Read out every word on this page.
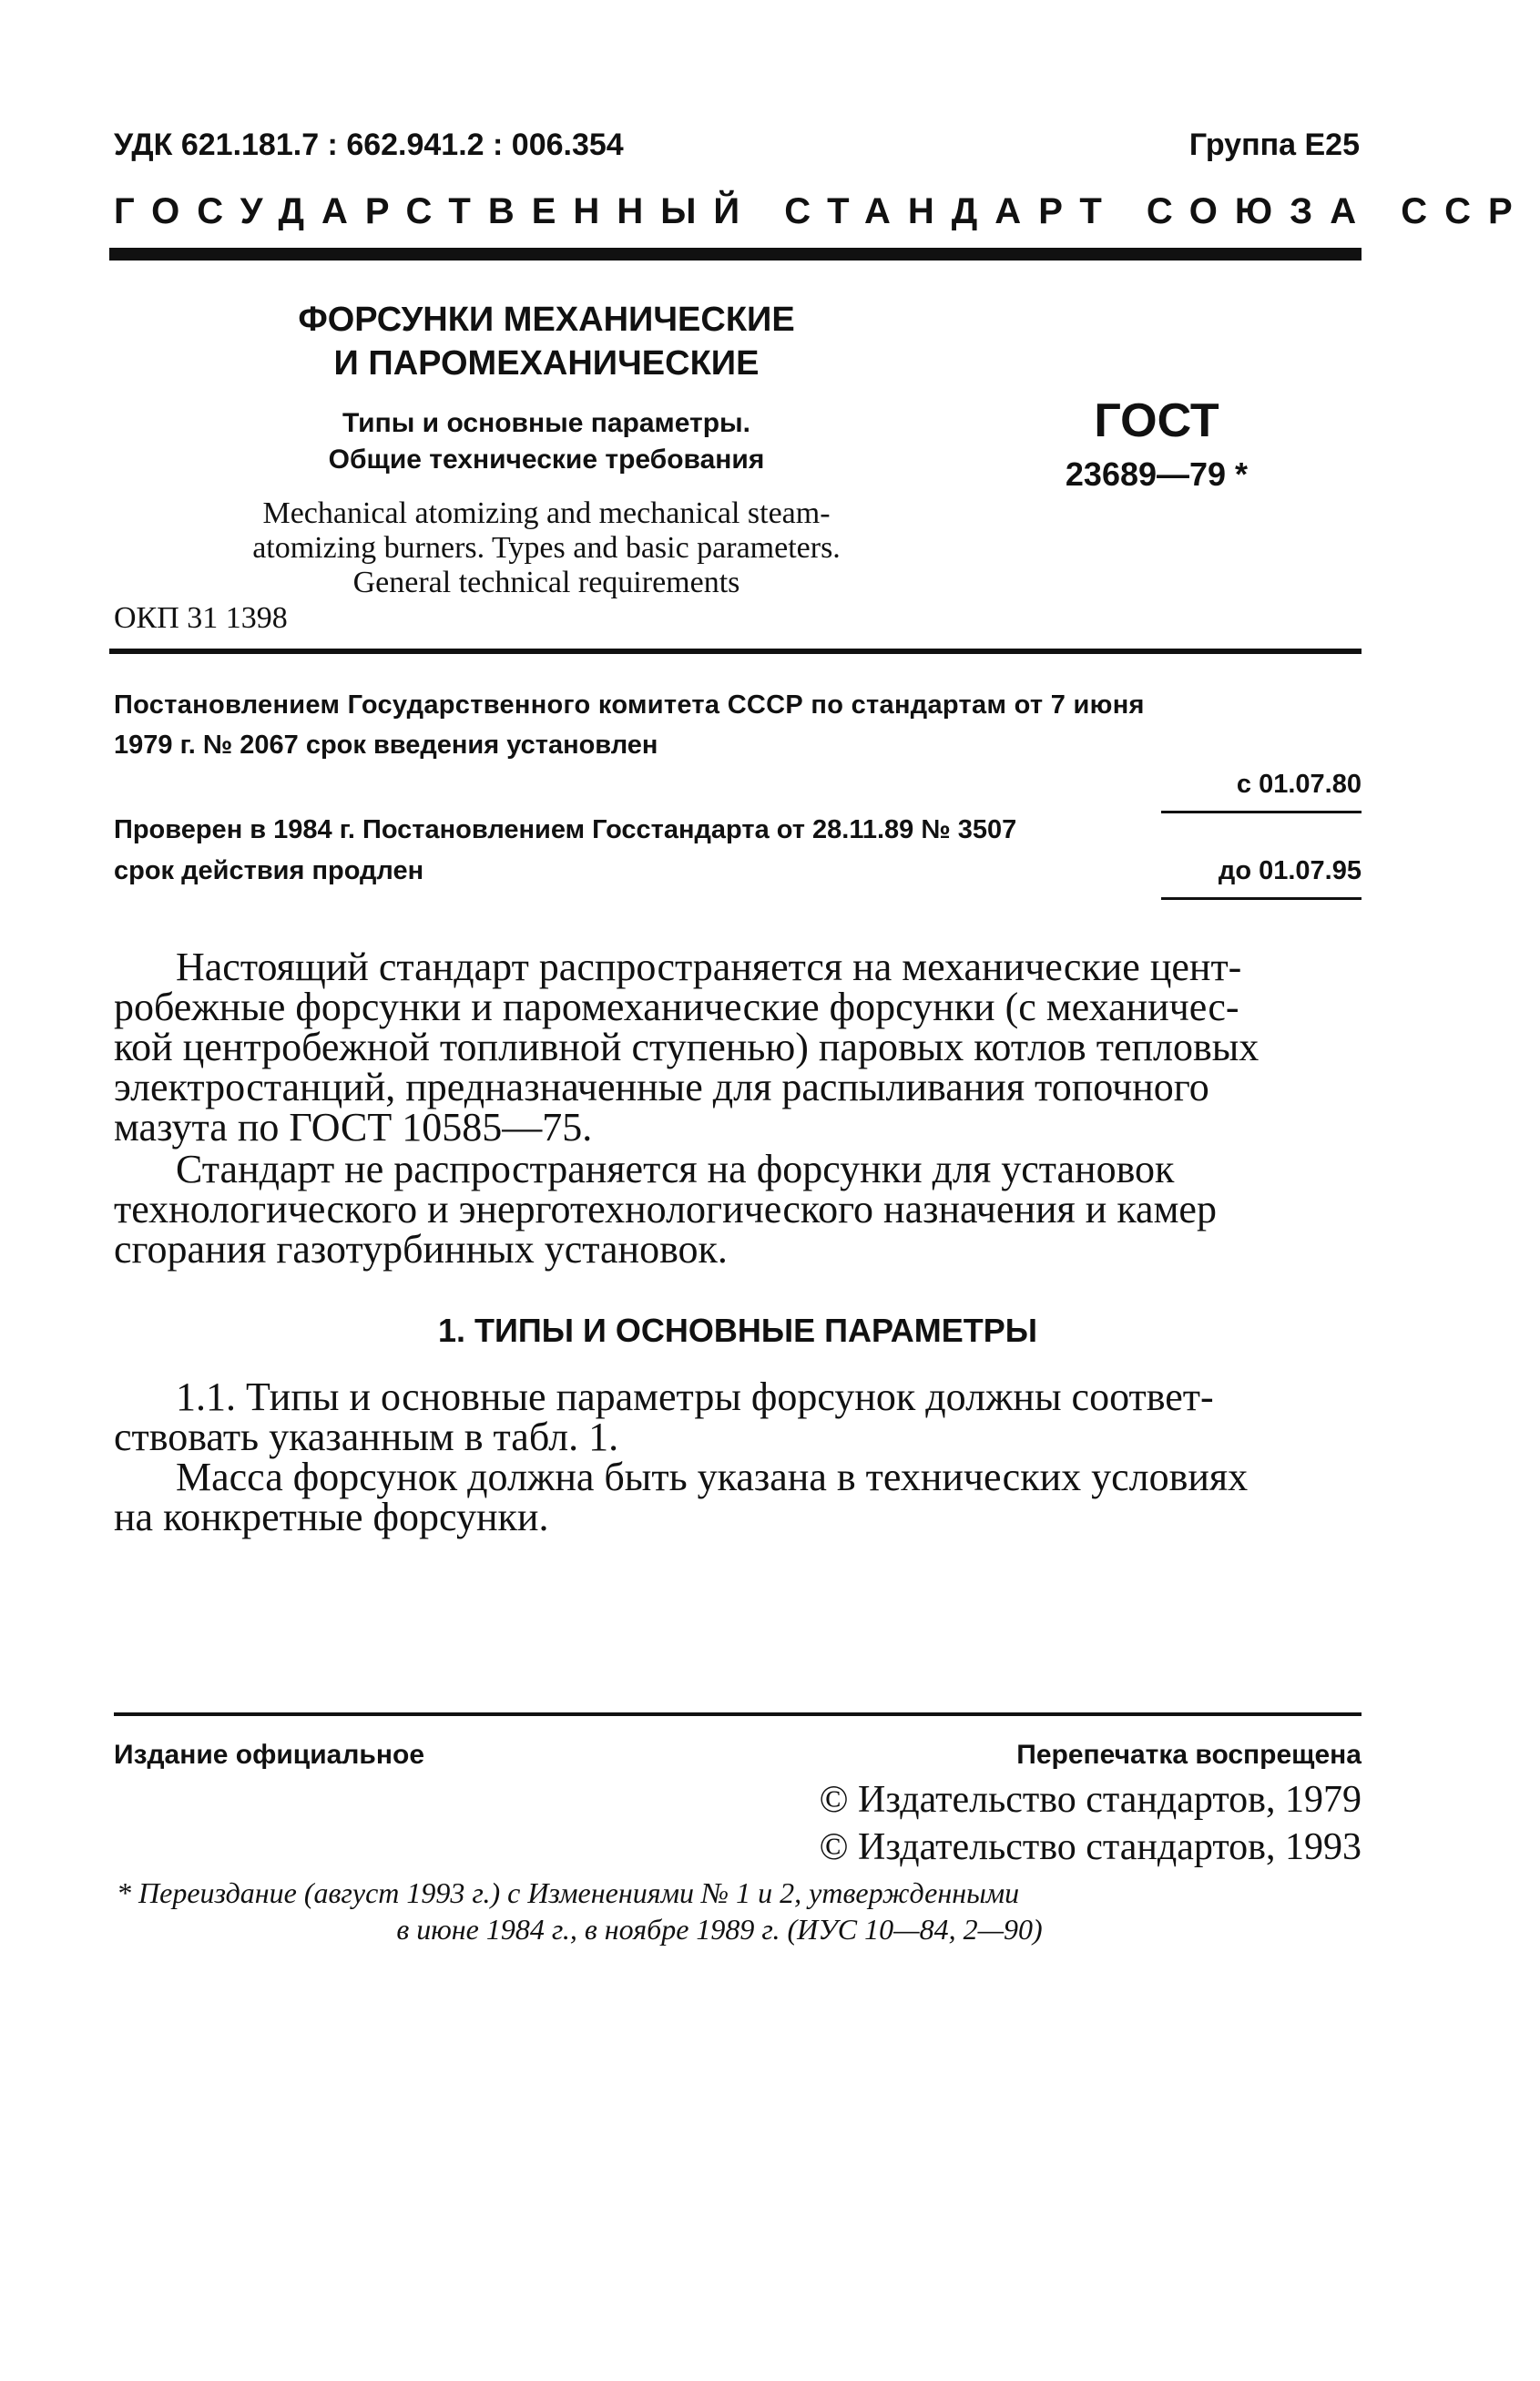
УДК 621.181.7 : 662.941.2 : 006.354	Группа Е25
ГОСУДАРСТВЕННЫЙ СТАНДАРТ СОЮЗА ССР
ФОРСУНКИ МЕХАНИЧЕСКИЕ
И ПАРОМЕХАНИЧЕСКИЕ
Типы и основные параметры.
Общие технические требования
Mechanical atomizing and mechanical steam-
atomizing burners. Types and basic parameters.
General technical requirements
ОКП 31 1398
ГОСТ
23689—79 *
Постановлением Государственного комитета СССР по стандартам от 7 июня
1979 г. № 2067 срок введения установлен
с 01.07.80
Проверен в 1984 г. Постановлением Госстандарта от 28.11.89 № 3507
срок действия продлен	до 01.07.95

Настоящий стандарт распространяется на механические цент-

робежные форсунки и паромеханические форсунки (с механичес-

кой центробежной топливной ступенью) паровых котлов тепловых

электростанций, предназначенные для распыливания топочного

мазута по ГОСТ 10585—75.

Стандарт не распространяется на форсунки для установок

технологического и энерготехнологического назначения и камер

сгорания газотурбинных установок.

1. ТИПЫ И ОСНОВНЫЕ ПАРАМЕТРЫ

1.1. Типы и основные параметры форсунок должны соответ-

ствовать указанным в табл. 1.

Масса форсунок должна быть указана в технических условиях

на конкретные форсунки.

Издание официальное	Перепечатка воспрещена
© Издательство стандартов, 1979
© Издательство стандартов, 1993
* Переиздание (август 1993 г.) с Изменениями № 1 и 2, утвержденными
в июне 1984 г., в ноябре 1989 г. (ИУС 10—84, 2—90)
